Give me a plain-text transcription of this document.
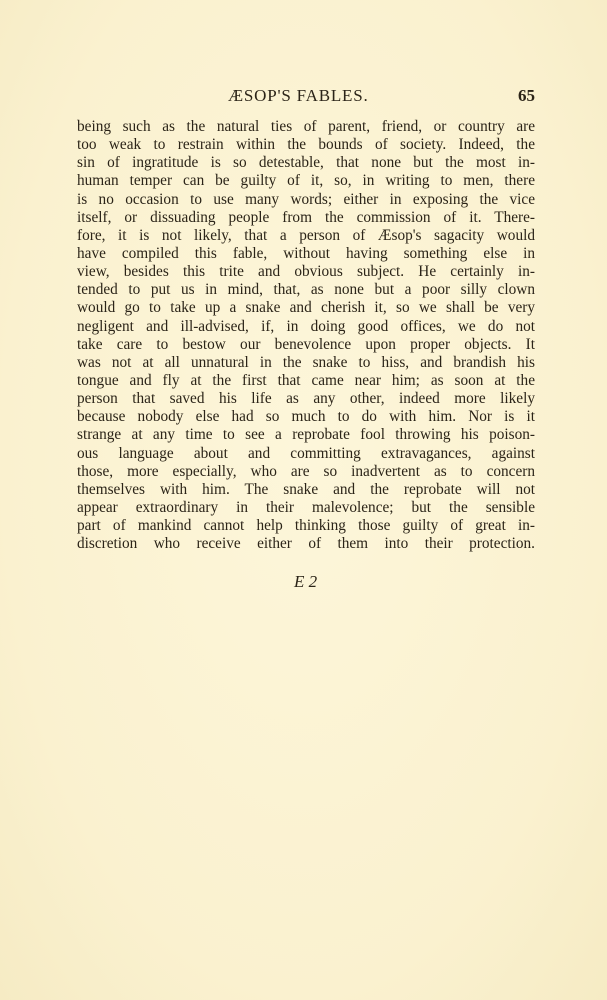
ÆSOP'S FABLES.	65
being such as the natural ties of parent, friend, or country are
too weak to restrain within the bounds of society. Indeed, the
sin of ingratitude is so detestable, that none but the most in-
human temper can be guilty of it, so, in writing to men, there
is no occasion to use many words; either in exposing the vice
itself, or dissuading people from the commission of it. There-
fore, it is not likely, that a person of Æsop's sagacity would
have compiled this fable, without having something else in
view, besides this trite and obvious subject. He certainly in-
tended to put us in mind, that, as none but a poor silly clown
would go to take up a snake and cherish it, so we shall be very
negligent and ill-advised, if, in doing good offices, we do not
take care to bestow our benevolence upon proper objects. It
was not at all unnatural in the snake to hiss, and brandish his
tongue and fly at the first that came near him; as soon at the
person that saved his life as any other, indeed more likely
because nobody else had so much to do with him. Nor is it
strange at any time to see a reprobate fool throwing his poison-
ous language about and committing extravagances, against
those, more especially, who are so inadvertent as to concern
themselves with him. The snake and the reprobate will not
appear extraordinary in their malevolence; but the sensible
part of mankind cannot help thinking those guilty of great in-
discretion who receive either of them into their protection.
E 2
